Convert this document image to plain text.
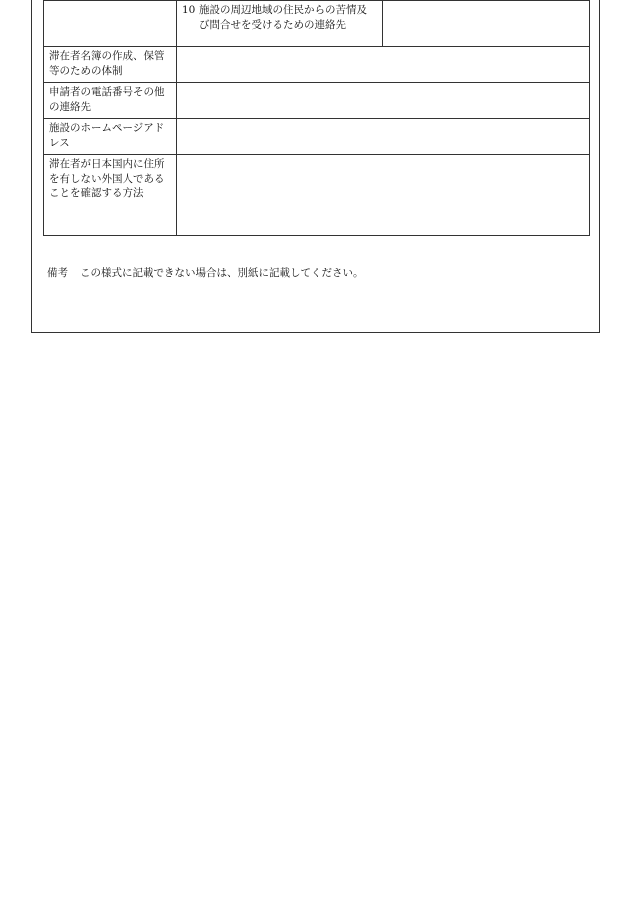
	10 施設の周辺地域の住民からの苦情及び問合せを受けるための連絡先	

滞在者名簿の作成、保管等のための体制		
申請者の電話番号その他の連絡先		
施設のホームページアドレス		
滞在者が日本国内に住所を有しない外国人であることを確認する方法		
備考 この様式に記載できない場合は、別紙に記載してください。
